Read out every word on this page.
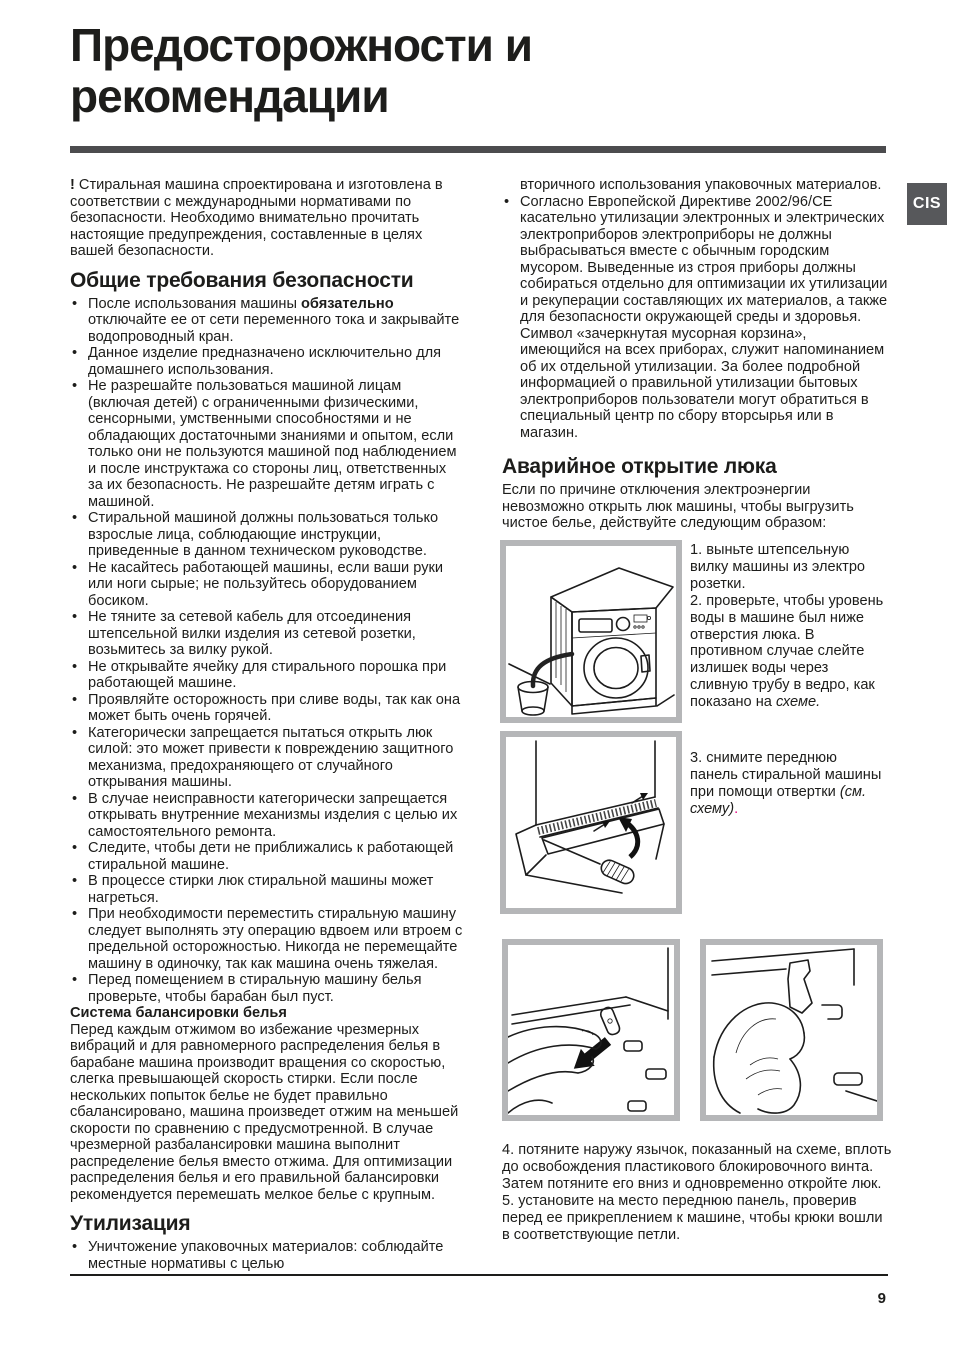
Предосторожности и
рекомендации
CIS

! Стиральная машина спроектирована и изготовлена в соответствии с международными нормативами по безопасности. Необходимо внимательно прочитать настоящие предупреждения, составленные в целях вашей безопасности.

Общие требования безопасности
• После использования машины обязательно отключайте ее от сети переменного тока и закрывайте водопроводный кран.
• Данное изделие предназначено исключительно для домашнего использования.
• Не разрешайте пользоваться машиной лицам (включая детей) с ограниченными физическими, сенсорными, умственными способностями и не обладающих достаточными знаниями и опытом, если только они не пользуются машиной под наблюдением и после инструктажа со стороны лиц, ответственных за их безопасность. Не разрешайте детям играть с машиной.
• Стиральной машиной должны пользоваться только взрослые лица, соблюдающие инструкции, приведенные в данном техническом руководстве.
• Не касайтесь работающей машины, если ваши руки или ноги сырые; не пользуйтесь оборудованием босиком.
• Не тяните за сетевой кабель для отсоединения штепсельной вилки изделия из сетевой розетки, возьмитесь за вилку рукой.
• Не открывайте ячейку для стирального порошка при работающей машине.
• Проявляйте осторожность при сливе воды, так как она может быть очень горячей.
• Категорически запрещается пытаться открыть люк силой: это может привести к повреждению защитного механизма, предохраняющего от случайного открывания машины.
• В случае неисправности категорически запрещается открывать внутренние механизмы изделия с целью их самостоятельного ремонта.
• Следите, чтобы дети не приближались к работающей стиральной машине.
• В процессе стирки люк стиральной машины может нагреться.
• При необходимости переместить стиральную машину следует выполнять эту операцию вдвоем или втроем с предельной осторожностью. Никогда не перемещайте машину в одиночку, так как машина очень тяжелая.
• Перед помещением в стиральную машину белья проверьте, чтобы барабан был пуст.

Система балансировки белья

Перед каждым отжимом во избежание чрезмерных вибраций и для равномерного распределения белья в барабане машина производит вращения со скоростью, слегка превышающей скорость стирки. Если после нескольких попыток белье не будет правильно сбалансировано, машина произведет отжим на меньшей скорости по сравнению с предусмотренной. В случае чрезмерной разбалансировки машина выполнит распределение белья вместо отжима. Для оптимизации распределения белья и его правильной балансировки рекомендуется перемешать мелкое белье с крупным.

Утилизация
• Уничтожение упаковочных материалов: соблюдайте местные нормативы с целью

вторичного использования упаковочных материалов.

• Согласно Европейской Директиве 2002/96/СЕ касательно утилизации электронных и электрических электроприборов электроприборы не должны выбрасываться вместе с обычным городским мусором. Выведенные из строя приборы должны собираться отдельно для оптимизации их утилизации и рекуперации составляющих их материалов, а также для безопасности окружающей среды и здоровья. Символ «зачеркнутая мусорная корзина», имеющийся на всех приборах, служит напоминанием об их отдельной утилизации. За более подробной информацией о правильной утилизации бытовых электроприборов пользователи могут обратиться в специальный центр по сбору вторсырья или в магазин.
Аварийное открытие люка

Если по причине отключения электроэнергии невозможно открыть люк машины, чтобы выгрузить чистое белье, действуйте следующим образом:

1. выньте штепсельную вилку машины из электро розетки.

2. проверьте, чтобы уровень воды в машине был ниже отверстия люка. В противном случае слейте излишек воды через сливную трубу в ведро, как показано на схеме.

3. снимите переднюю панель стиральной машины при помощи отвертки (см. схему).

4. потяните наружу язычок, показанный на схеме, вплоть до освобождения пластикового блокировочного винта. Затем потяните его вниз и одновременно откройте люк.

5. установите на место переднюю панель, проверив перед ее прикреплением к машине, чтобы крюки вошли в соответствующие петли.

9
